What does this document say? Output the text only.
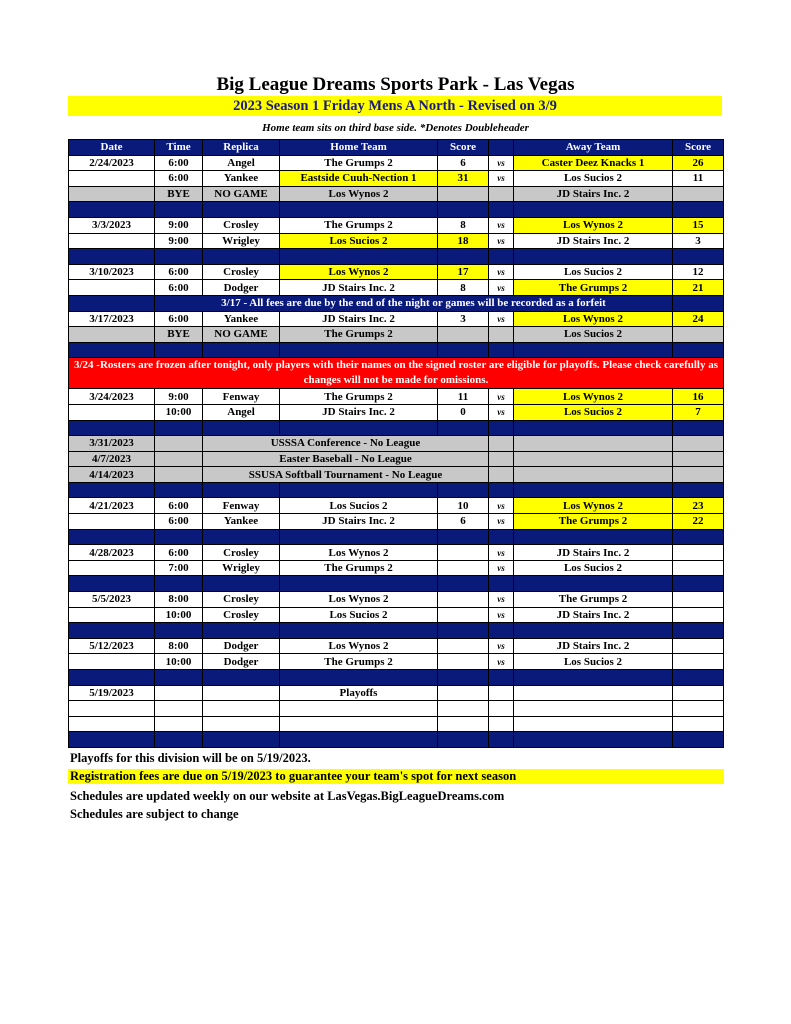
Big League Dreams Sports Park - Las Vegas
2023 Season 1 Friday Mens A North - Revised on 3/9
Home team sits on third base side. *Denotes Doubleheader
Date	Time	Replica	Home Team	Score		Away Team	Score
2/24/2023	6:00	Angel	The Grumps 2	6	vs	Caster Deez Knacks 1	26
	6:00	Yankee	Eastside Cuuh-Nection 1	31	vs	Los Sucios 2	11
	BYE	NO GAME	Los Wynos 2			JD Stairs Inc. 2	

3/3/2023	9:00	Crosley	The Grumps 2	8	vs	Los Wynos 2	15
	9:00	Wrigley	Los Sucios 2	18	vs	JD Stairs Inc. 2	3

3/10/2023	6:00	Crosley	Los Wynos 2	17	vs	Los Sucios 2	12
	6:00	Dodger	JD Stairs Inc. 2	8	vs	The Grumps 2	21
	3/17 - All fees are due by the end of the night or games will be recorded as a forfeit						
3/17/2023	6:00	Yankee	JD Stairs Inc. 2	3	vs	Los Wynos 2	24
	BYE	NO GAME	The Grumps 2			Los Sucios 2	

3/24 -Rosters are frozen after tonight, only players with their names on the signed roster are eligible for playoffs. Please check carefully as changes will not be made for omissions.							
3/24/2023	9:00	Fenway	The Grumps 2	11	vs	Los Wynos 2	16
	10:00	Angel	JD Stairs Inc. 2	0	vs	Los Sucios 2	7

3/31/2023		USSSA Conference - No League					
4/7/2023		Easter Baseball - No League					
4/14/2023		SSUSA Softball Tournament - No League					

4/21/2023	6:00	Fenway	Los Sucios 2	10	vs	Los Wynos 2	23
	6:00	Yankee	JD Stairs Inc. 2	6	vs	The Grumps 2	22

4/28/2023	6:00	Crosley	Los Wynos 2		vs	JD Stairs Inc. 2	
	7:00	Wrigley	The Grumps 2		vs	Los Sucios 2	

5/5/2023	8:00	Crosley	Los Wynos 2		vs	The Grumps 2	
	10:00	Crosley	Los Sucios 2		vs	JD Stairs Inc. 2	

5/12/2023	8:00	Dodger	Los Wynos 2		vs	JD Stairs Inc. 2	
	10:00	Dodger	The Grumps 2		vs	Los Sucios 2	

5/19/2023			Playoffs				

Playoffs for this division will be on 5/19/2023.
Registration fees are due on 5/19/2023 to guarantee your team's spot for next season
Schedules are updated weekly on our website at LasVegas.BigLeagueDreams.com
Schedules are subject to change
